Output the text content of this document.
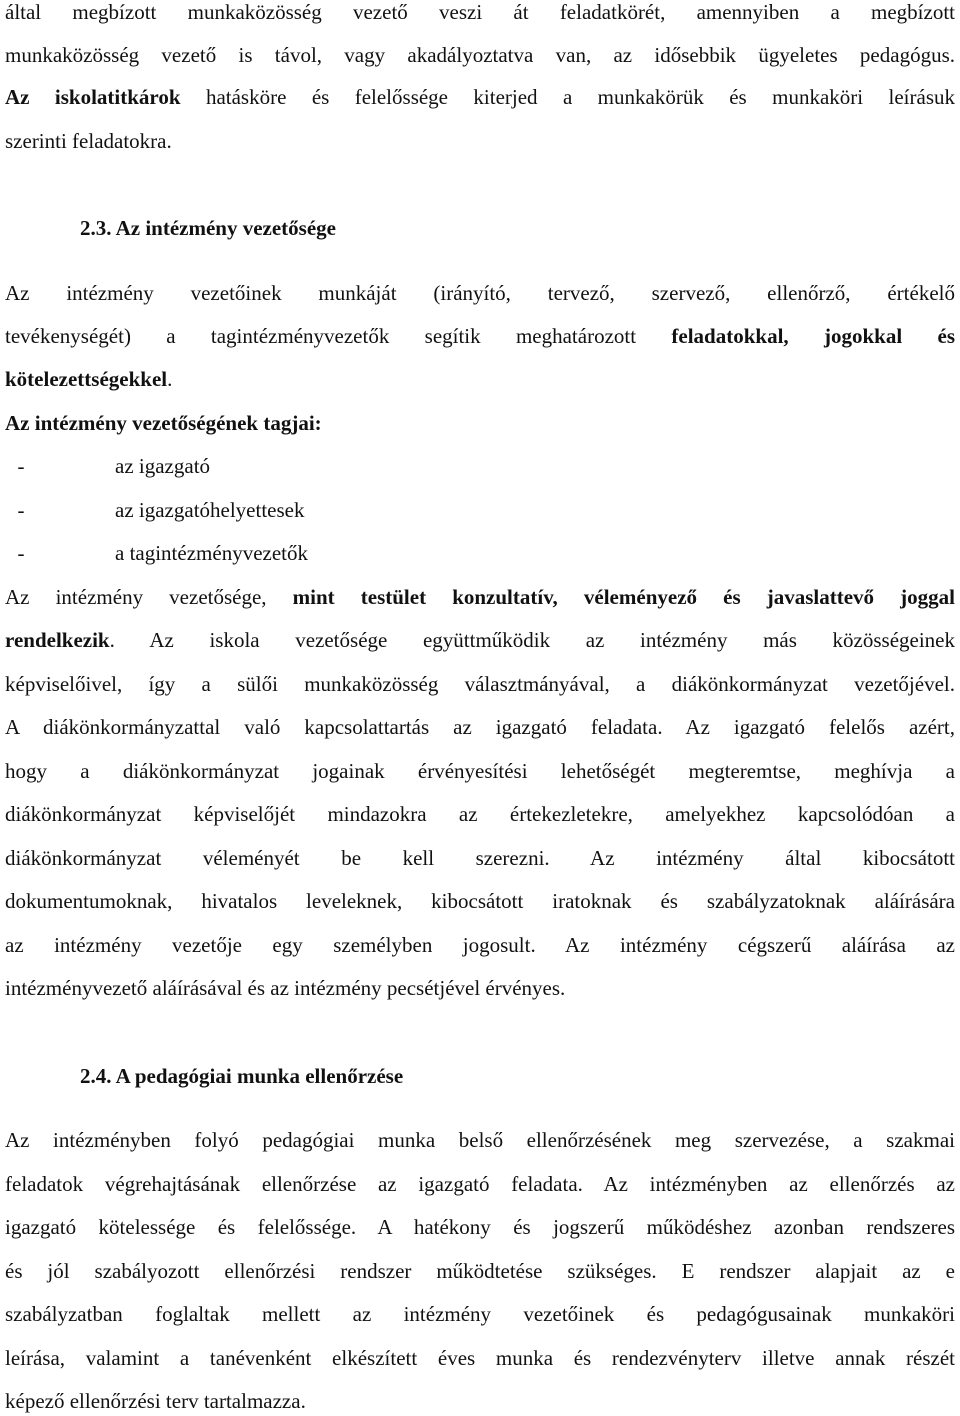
által megbízott munkaközösség vezető veszi át feladatkörét, amennyiben a megbízott
munkaközösség vezető is távol, vagy akadályoztatva van, az idősebbik ügyeletes pedagógus.
Az iskolatitkárok hatásköre és felelőssége kiterjed a munkakörük és munkaköri leírásuk
szerinti feladatokra.
2.3. Az intézmény vezetősége
Az intézmény vezetőinek munkáját (irányító, tervező, szervező, ellenőrző, értékelő
tevékenységét) a tagintézményvezetők segítik meghatározott feladatokkal, jogokkal és
kötelezettségekkel.
Az intézmény vezetőségének tagjai:
-	az igazgató
-	az igazgatóhelyettesek
-	a tagintézményvezetők
Az intézmény vezetősége, mint testület konzultatív, véleményező és javaslattevő joggal
rendelkezik. Az iskola vezetősége együttműködik az intézmény más közösségeinek
képviselőivel, így a sülői munkaközösség választmányával, a diákönkormányzat vezetőjével.
A diákönkormányzattal való kapcsolattartás az igazgató feladata. Az igazgató felelős azért,
hogy a diákönkormányzat jogainak érvényesítési lehetőségét megteremtse, meghívja a
diákönkormányzat képviselőjét mindazokra az értekezletekre, amelyekhez kapcsolódóan a
diákönkormányzat véleményét be kell szerezni. Az intézmény által kibocsátott
dokumentumoknak, hivatalos leveleknek, kibocsátott iratoknak és szabályzatoknak aláírására
az intézmény vezetője egy személyben jogosult. Az intézmény cégszerű aláírása az
intézményvezető aláírásával és az intézmény pecsétjével érvényes.
2.4. A pedagógiai munka ellenőrzése
Az intézményben folyó pedagógiai munka belső ellenőrzésének meg szervezése, a szakmai
feladatok végrehajtásának ellenőrzése az igazgató feladata. Az intézményben az ellenőrzés az
igazgató kötelessége és felelőssége. A hatékony és jogszerű működéshez azonban rendszeres
és jól szabályozott ellenőrzési rendszer működtetése szükséges. E rendszer alapjait az e
szabályzatban foglaltak mellett az intézmény vezetőinek és pedagógusainak munkaköri
leírása, valamint a tanévenként elkészített éves munka és rendezvényterv illetve annak részét
képező ellenőrzési terv tartalmazza.
